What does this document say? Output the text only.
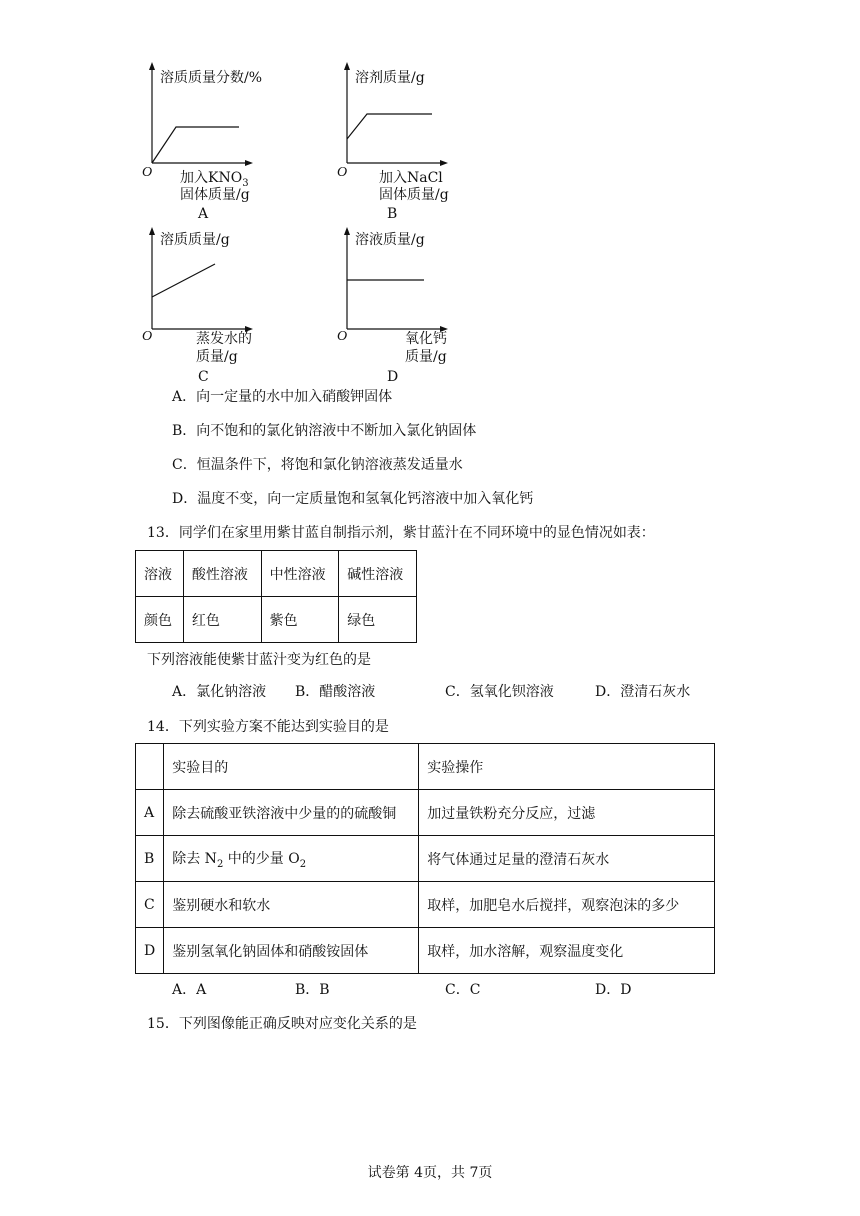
溶质质量分数/%
O 加入$KNO_3$
固体质量/g
A
溶剂质量/g
O 加入NaCl
固体质量/g
B
溶质质量/g
O	蒸发水的
质量/g
C
溶液质量/g
O	氧化钙
质量/g
D
A．向一定量的水中加入硝酸钾固体
B．向不饱和的氯化钠溶液中不断加入氯化钠固体
C．恒温条件下，将饱和氯化钠溶液蒸发适量水
D．温度不变，向一定质量饱和氢氧化钙溶液中加入氧化钙
13．同学们在家里用紫甘蓝自制指示剂，紫甘蓝汁在不同环境中的显色情况如表：
溶液	酸性溶液	中性溶液	碱性溶液
颜色	红色	紫色	绿色
下列溶液能使紫甘蓝汁变为红色的是
A．氯化钠溶液 B．醋酸溶液	C．氢氧化钡溶液	D．澄清石灰水
14．下列实验方案不能达到实验目的是
	实验目的	实验操作
A	除去硫酸亚铁溶液中少量的的硫酸铜	加过量铁粉充分反应，过滤
B	除去 $N_2$ 中的少量 $O_2$	将气体通过足量的澄清石灰水
C	鉴别硬水和软水	取样，加肥皂水后搅拌，观察泡沫的多少
D	鉴别氢氧化钠固体和硝酸铵固体	取样，加水溶解，观察温度变化
A．A	B．B	C．C	D．D
15．下列图像能正确反映对应变化关系的是
试卷第 4页，共 7页
